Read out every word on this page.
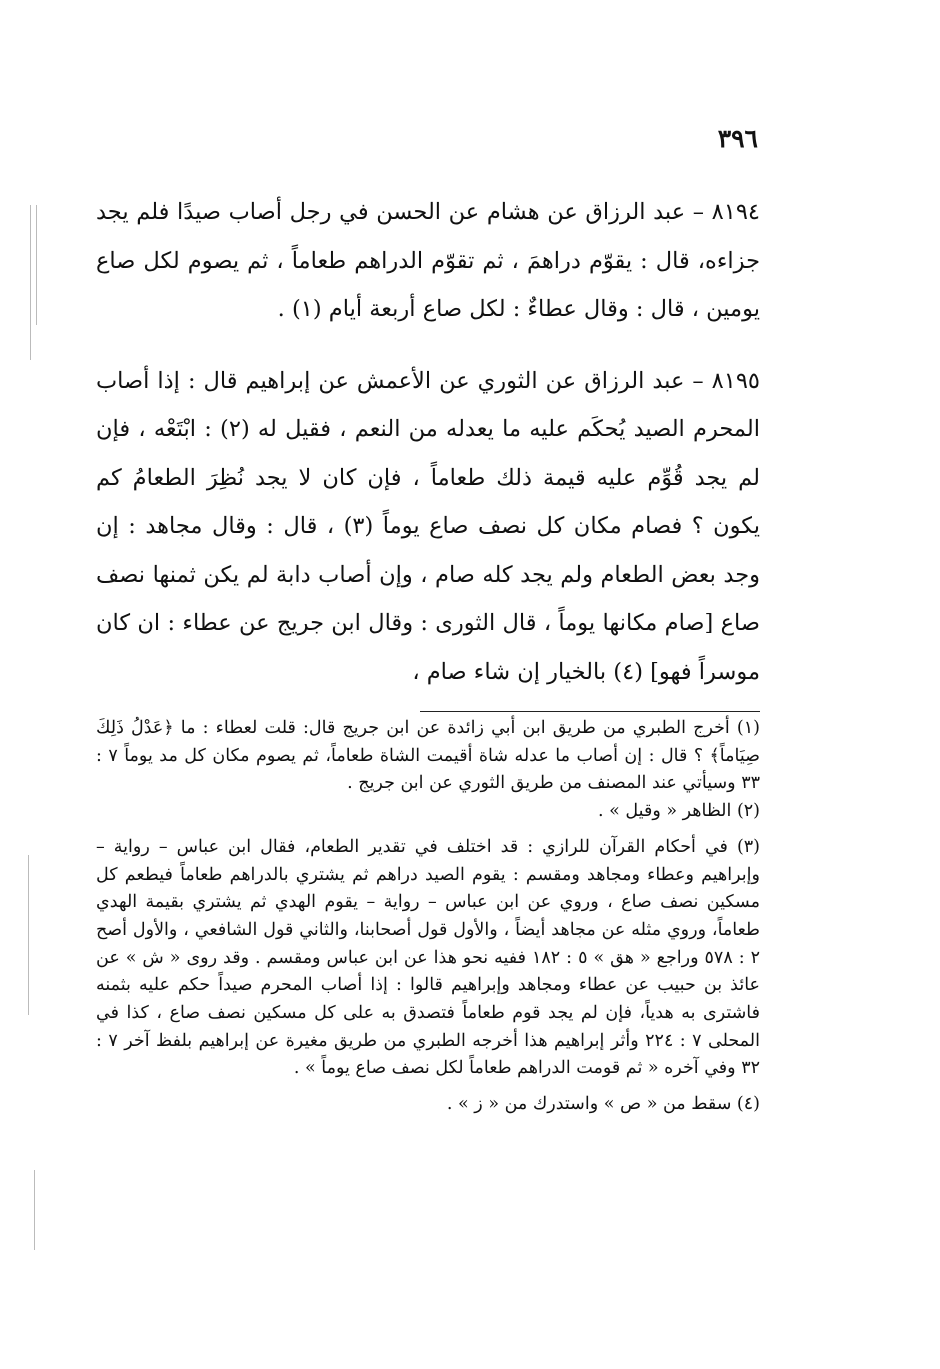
٣٩٦

٨١٩٤ – عبد الرزاق عن هشام عن الحسن في رجل أصاب صيدًا فلم يجد جزاءه، قال : يقوّم دراهمَ ، ثم تقوّم الدراهم طعاماً ، ثم يصوم لكل صاع يومين ، قال : وقال عطاءٌ : لكل صاع أربعة أيام (١) .

٨١٩٥ – عبد الرزاق عن الثوري عن الأعمش عن إبراهيم قال : إذا أصاب المحرم الصيد يُحكَم عليه ما يعدله من النعم ، فقيل له (٢) : ابْتَعْه ، فإن لم يجد قُوِّم عليه قيمة ذلك طعاماً ، فإن كان لا يجد نُظِرَ الطعامُ كم يكون ؟ فصام مكان كل نصف صاع يوماً (٣) ، قال : وقال مجاهد : إن وجد بعض الطعام ولم يجد كله صام ، وإن أصاب دابة لم يكن ثمنها نصف صاع [صام مكانها يوماً ، قال الثورى : وقال ابن جريج عن عطاء : ان كان موسراً فهو] (٤) بالخيار إن شاء صام ،

(١) أخرج الطبري من طريق ابن أبي زائدة عن ابن جريج قال: قلت لعطاء : ما ﴿عَدْلُ ذَلِكَ صِيَاماً﴾ ؟ قال : إن أصاب ما عدله شاة أقيمت الشاة طعاماً، ثم يصوم مكان كل مد يوماً ٧ : ٣٣ وسيأتي عند المصنف من طريق الثوري عن ابن جريج .

(٢) الظاهر « وقيل » .

(٣) في أحكام القرآن للرازي : قد اختلف في تقدير الطعام، فقال ابن عباس – رواية – وإبراهيم وعطاء ومجاهد ومقسم : يقوم الصيد دراهم ثم يشتري بالدراهم طعاماً فيطعم كل مسكين نصف صاع ، وروي عن ابن عباس – رواية – يقوم الهدي ثم يشتري بقيمة الهدي طعاماً، وروي مثله عن مجاهد أيضاً ، والأول قول أصحابنا، والثاني قول الشافعي ، والأول أصح ٢ : ٥٧٨ وراجع « هق » ٥ : ١٨٢ ففيه نحو هذا عن ابن عباس ومقسم . وقد روى « ش » عن عائذ بن حبيب عن عطاء ومجاهد وإبراهيم قالوا : إذا أصاب المحرم صيداً حكم عليه بثمنه فاشترى به هدياً، فإن لم يجد قوم طعاماً فتصدق به على كل مسكين نصف صاع ، كذا في المحلى ٧ : ٢٢٤ وأثر إبراهيم هذا أخرجه الطبري من طريق مغيرة عن إبراهيم بلفظ آخر ٧ : ٣٢ وفي آخره « ثم قومت الدراهم طعاماً لكل نصف صاع يوماً » .

(٤) سقط من « ص » واستدرك من « ز » .
